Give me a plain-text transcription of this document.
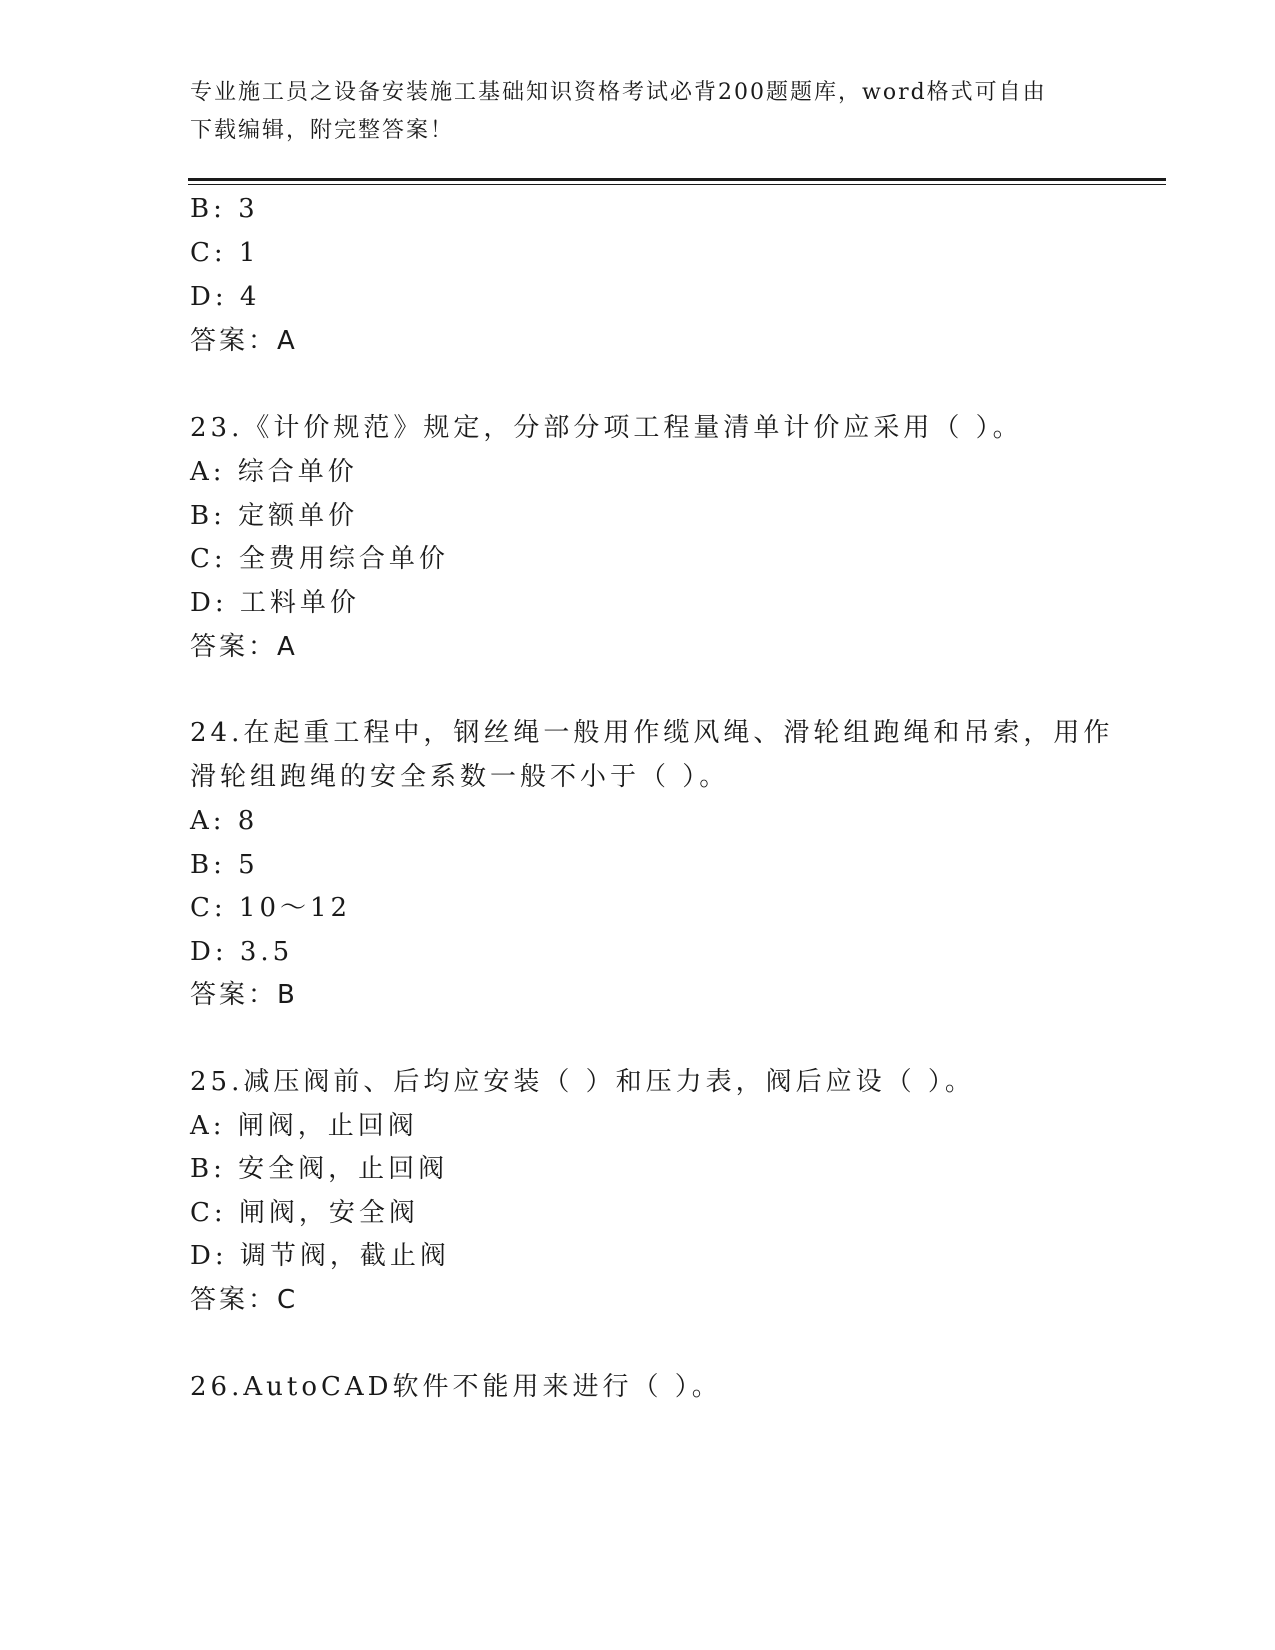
专业施工员之设备安装施工基础知识资格考试必背200题题库，word格式可自由
下载编辑，附完整答案！
B: 3
C: 1
D: 4
答案：A
23.《计价规范》规定，分部分项工程量清单计价应采用（ ）。
A: 综合单价
B: 定额单价
C: 全费用综合单价
D: 工料单价
答案：A
24.在起重工程中，钢丝绳一般用作缆风绳、滑轮组跑绳和吊索，用作
滑轮组跑绳的安全系数一般不小于（ ）。
A: 8
B: 5
C: 10～12
D: 3.5
答案：B
25.减压阀前、后均应安装（ ）和压力表，阀后应设（ ）。
A: 闸阀，止回阀
B: 安全阀，止回阀
C: 闸阀，安全阀
D: 调节阀，截止阀
答案：C
26.AutoCAD软件不能用来进行（ ）。
